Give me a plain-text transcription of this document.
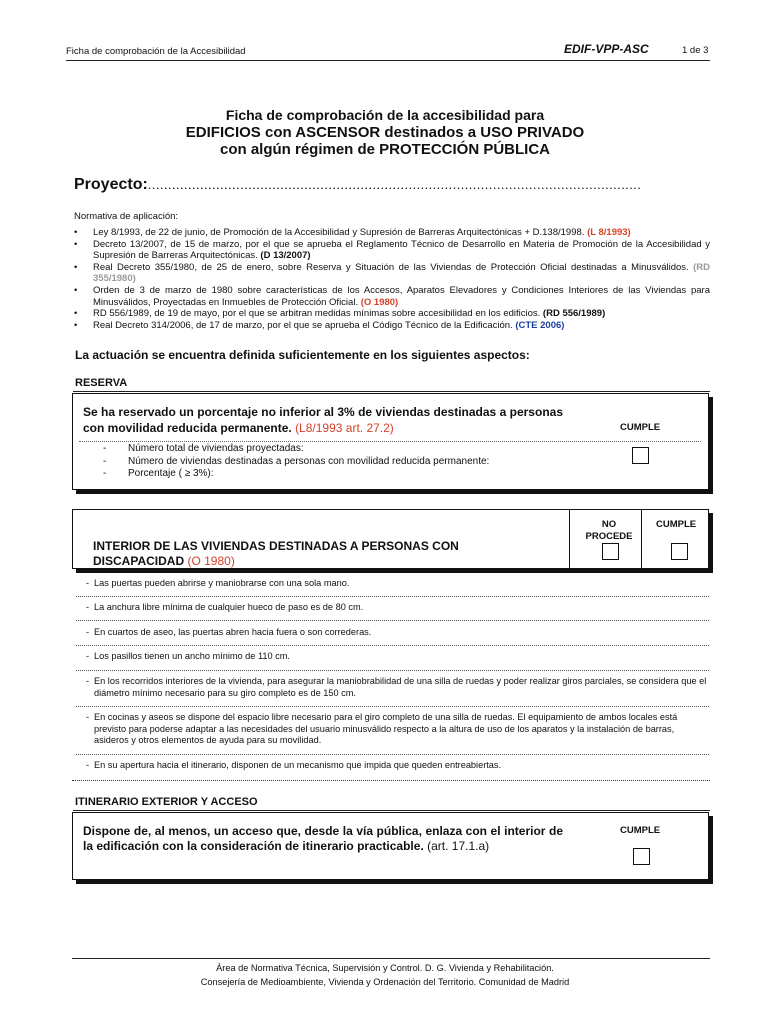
Ficha de comprobación de la Accesibilidad	EDIF-VPP-ASC	1 de 3
Ficha de comprobación de la accesibilidad para
EDIFICIOS con ASCENSOR destinados a USO PRIVADO
con algún régimen de PROTECCIÓN PÚBLICA
Proyecto:...........................................................................................................................
Normativa de aplicación:
• Ley 8/1993, de 22 de junio, de Promoción de la Accesibilidad y Supresión de Barreras Arquitectónicas + D.138/1998. (L 8/1993)
• Decreto 13/2007, de 15 de marzo, por el que se aprueba el Reglamento Técnico de Desarrollo en Materia de Promoción de la Accesibilidad y Supresión de Barreras Arquitectónicas. (D 13/2007)
• Real Decreto 355/1980, de 25 de enero, sobre Reserva y Situación de las Viviendas de Protección Oficial destinadas a Minusválidos. (RD 355/1980)
• Orden de 3 de marzo de 1980 sobre características de los Accesos, Aparatos Elevadores y Condiciones Interiores de las Viviendas para Minusválidos, Proyectadas en Inmuebles de Protección Oficial. (O 1980)
• RD 556/1989, de 19 de mayo, por el que se arbitran medidas mínimas sobre accesibilidad en los edificios. (RD 556/1989)
• Real Decreto 314/2006, de 17 de marzo, por el que se aprueba el Código Técnico de la Edificación. (CTE 2006)
La actuación se encuentra definida suficientemente en los siguientes aspectos:
RESERVA
Se ha reservado un porcentaje no inferior al 3% de viviendas destinadas a personas con movilidad reducida permanente. (L8/1993 art. 27.2)	CUMPLE
- Número total de viviendas proyectadas:
- Número de viviendas destinadas a personas con movilidad reducida permanente:
- Porcentaje ( ≥ 3%):
INTERIOR DE LAS VIVIENDAS DESTINADAS A PERSONAS CON DISCAPACIDAD (O 1980)
NO PROCEDE
CUMPLE
- Las puertas pueden abrirse y maniobrarse con una sola mano.
- La anchura libre mínima de cualquier hueco de paso es de 80 cm.
- En cuartos de aseo, las puertas abren hacia fuera o son correderas.
- Los pasillos tienen un ancho mínimo de 110 cm.
- En los recorridos interiores de la vivienda, para asegurar la maniobrabilidad de una silla de ruedas y poder realizar giros parciales, se considera que el diámetro mínimo necesario para su giro completo es de 150 cm.
- En cocinas y aseos se dispone del espacio libre necesario para el giro completo de una silla de ruedas. El equipamiento de ambos locales está previsto para poderse adaptar a las necesidades del usuario minusválido respecto a la altura de uso de los aparatos y la instalación de barras, asideros y otros elementos de ayuda para su movilidad.
- En su apertura hacia el itinerario, disponen de un mecanismo que impida que queden entreabiertas.
ITINERARIO EXTERIOR Y ACCESO
Dispone de, al menos, un acceso que, desde la vía pública, enlaza con el interior de la edificación con la consideración de itinerario practicable. (art. 17.1.a)
CUMPLE
Área de Normativa Técnica, Supervisión y Control. D. G. Vivienda y Rehabilitación.
Consejería de Medioambiente, Vivienda y Ordenación del Territorio. Comunidad de Madrid
